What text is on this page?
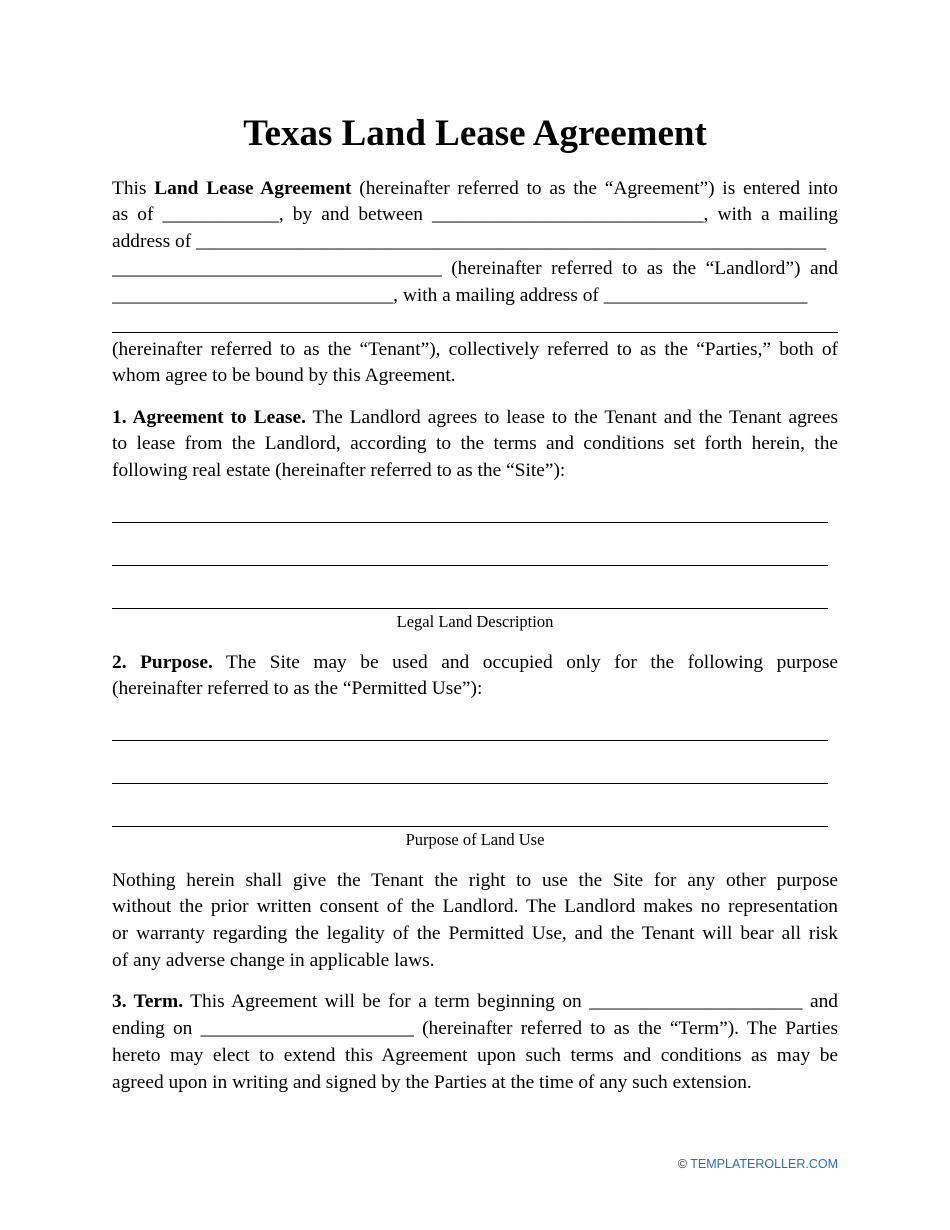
Texas Land Lease Agreement
This Land Lease Agreement (hereinafter referred to as the “Agreement”) is entered into
as of ____________, by and between ____________________________, with a mailing
address of _________________________________________________________________
__________________________________ (hereinafter referred to as the “Landlord”) and
_____________________________, with a mailing address of _____________________
(hereinafter referred to as the “Tenant”), collectively referred to as the “Parties,” both of
whom agree to be bound by this Agreement.
1. Agreement to Lease. The Landlord agrees to lease to the Tenant and the Tenant agrees
to lease from the Landlord, according to the terms and conditions set forth herein, the
following real estate (hereinafter referred to as the “Site”):
Legal Land Description
2. Purpose. The Site may be used and occupied only for the following purpose
(hereinafter referred to as the “Permitted Use”):
Purpose of Land Use
Nothing herein shall give the Tenant the right to use the Site for any other purpose
without the prior written consent of the Landlord. The Landlord makes no representation
or warranty regarding the legality of the Permitted Use, and the Tenant will bear all risk
of any adverse change in applicable laws.
3. Term. This Agreement will be for a term beginning on ______________________ and
ending on ______________________ (hereinafter referred to as the “Term”). The Parties
hereto may elect to extend this Agreement upon such terms and conditions as may be
agreed upon in writing and signed by the Parties at the time of any such extension.
© TEMPLATEROLLER.COM
